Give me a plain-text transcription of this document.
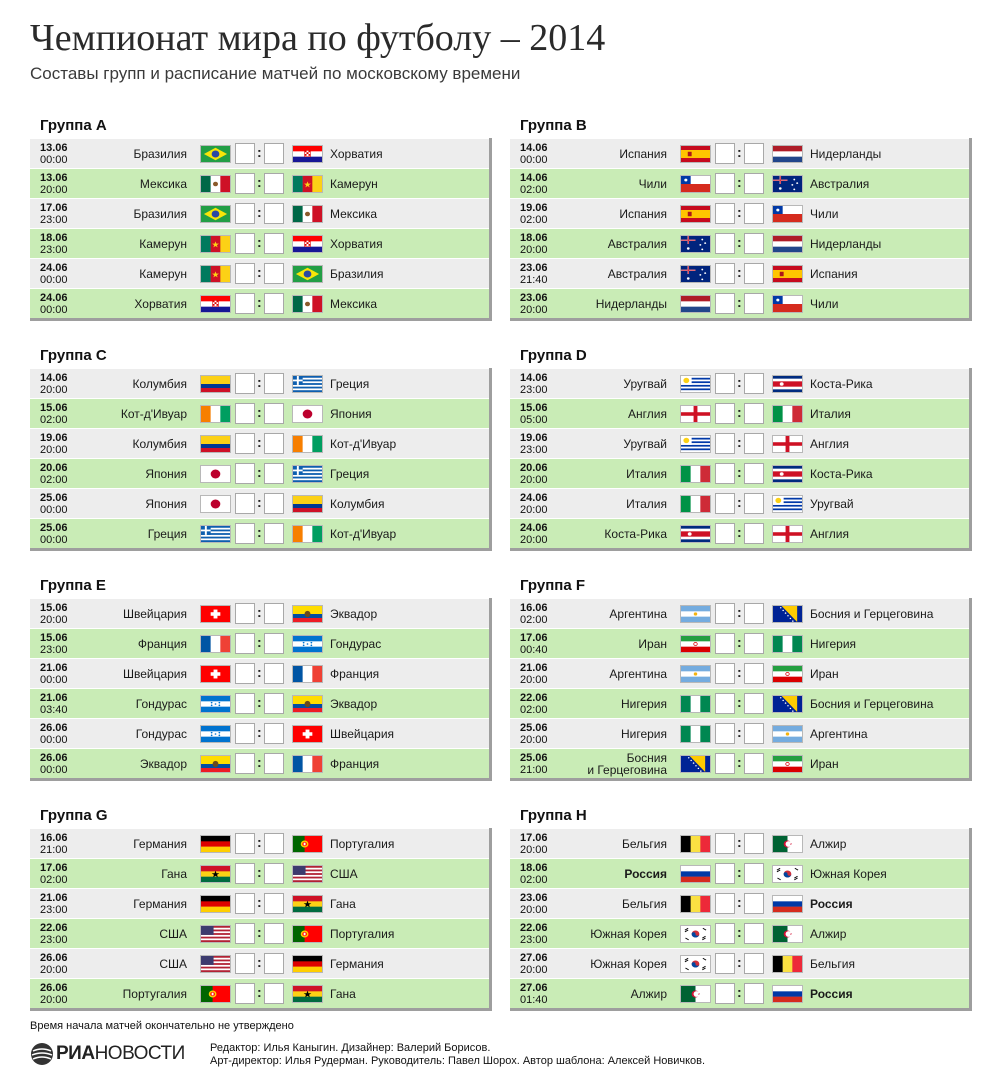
Чемпионат мира по футболу – 2014
Составы групп и расписание матчей по московскому времени
Группа A
13.06
00:00	Бразилия	:	Хорватия
13.06
20:00	Мексика	:	Камерун
17.06
23:00	Бразилия	:	Мексика
18.06
23:00	Камерун	:	Хорватия
24.06
00:00	Камерун	:	Бразилия
24.06
00:00	Хорватия	:	Мексика
Группа B
14.06
00:00	Испания	:	Нидерланды
14.06
02:00	Чили	:	Австралия
19.06
02:00	Испания	:	Чили
18.06
20:00	Австралия	:	Нидерланды
23.06
21:40	Австралия	:	Испания
23.06
20:00	Нидерланды	:	Чили
Группа C
14.06
20:00	Колумбия	:	Греция
15.06
02:00	Кот-д'Ивуар	:	Япония
19.06
20:00	Колумбия	:	Кот-д'Ивуар
20.06
02:00	Япония	:	Греция
25.06
00:00	Япония	:	Колумбия
25.06
00:00	Греция	:	Кот-д'Ивуар
Группа D
14.06
23:00	Уругвай	:	Коста-Рика
15.06
05:00	Англия	:	Италия
19.06
23:00	Уругвай	:	Англия
20.06
20:00	Италия	:	Коста-Рика
24.06
20:00	Италия	:	Уругвай
24.06
20:00	Коста-Рика	:	Англия
Группа E
15.06
20:00	Швейцария	:	Эквадор
15.06
23:00	Франция	:	Гондурас
21.06
00:00	Швейцария	:	Франция
21.06
03:40	Гондурас	:	Эквадор
26.06
00:00	Гондурас	:	Швейцария
26.06
00:00	Эквадор	:	Франция
Группа F
16.06
02:00	Аргентина	:	Босния и Герцеговина
17.06
00:40	Иран	:	Нигерия
21.06
20:00	Аргентина	:	Иран
22.06
02:00	Нигерия	:	Босния и Герцеговина
25.06
20:00	Нигерия	:	Аргентина
25.06
21:00
Босния
и Герцеговина	:	Иран
Группа G
16.06
21:00	Германия	:	Португалия
17.06
02:00	Гана	:	США
21.06
23:00	Германия	:	Гана
22.06
23:00	США	:	Португалия
26.06
20:00	США	:	Германия
26.06
20:00	Португалия	:	Гана
Группа H
17.06
20:00	Бельгия	:	Алжир
18.06
02:00	Россия	:	Южная Корея
23.06
20:00	Бельгия	:	Россия
22.06
23:00	Южная Корея	:	Алжир
27.06
20:00	Южная Корея	:	Бельгия
27.06
01:40	Алжир	:	Россия
Время начала матчей окончательно не утверждено
РИАНОВОСТИ Редактор: Илья Каныгин. Дизайнер: Валерий Борисов.
Арт-директор: Илья Рудерман. Руководитель: Павел Шорох. Автор шаблона: Алексей Новичков.
